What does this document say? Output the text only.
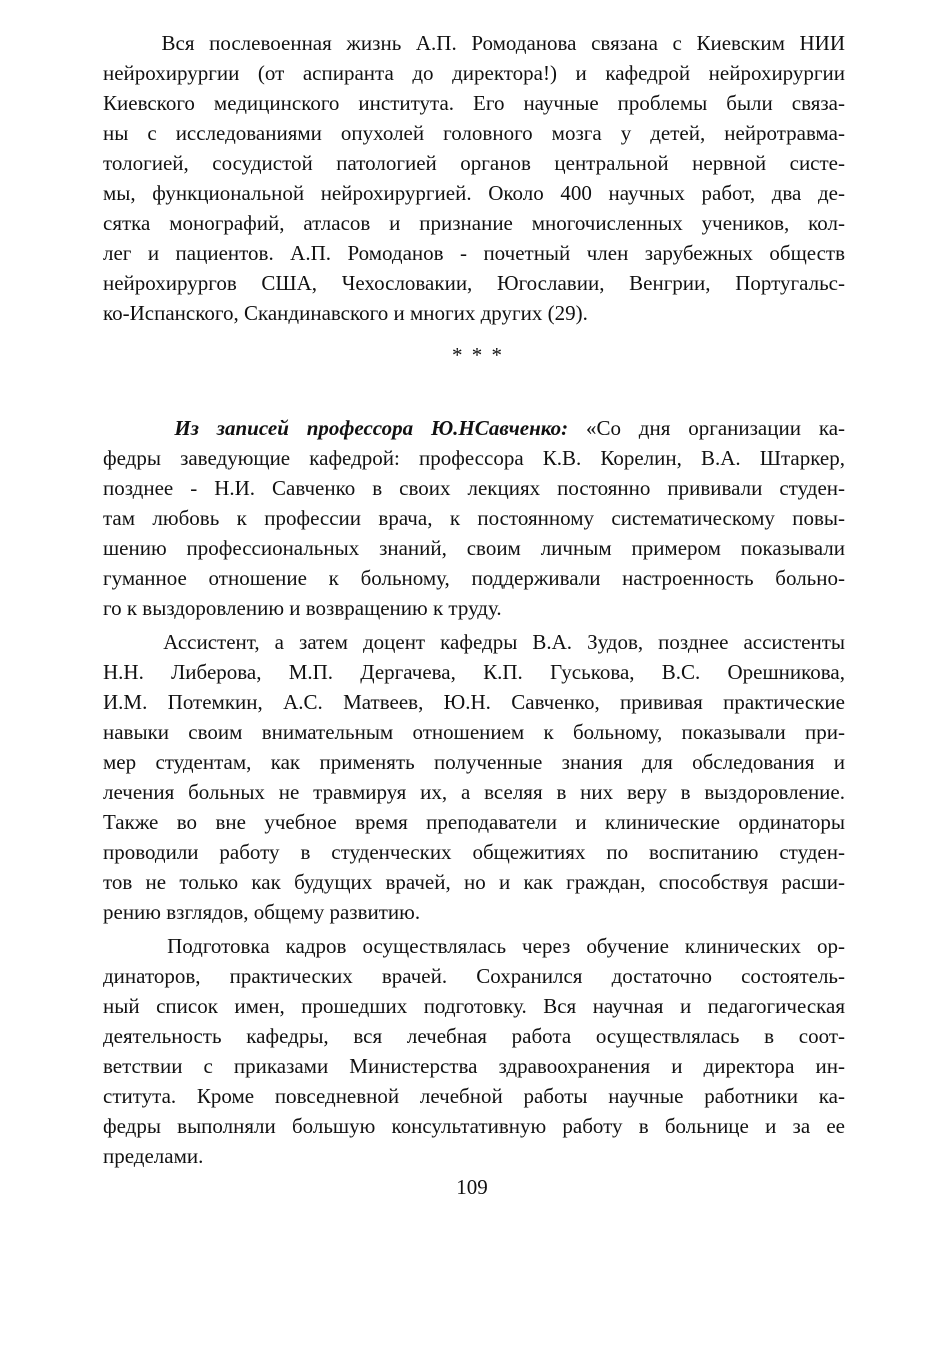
Вся послевоенная жизнь А.П. Ромоданова связана с Киевским НИИ
нейрохирургии (от аспиранта до директора!) и кафедрой нейрохирургии
Киевского медицинского института. Его научные проблемы были связа-
ны с исследованиями опухолей головного мозга у детей, нейротравма-
тологией, сосудистой патологией органов центральной нервной систе-
мы, функциональной нейрохирургией. Около 400 научных работ, два де-
сятка монографий, атласов и признание многочисленных учеников, кол-
лег и пациентов. А.П. Ромоданов - почетный член зарубежных обществ
нейрохирургов США, Чехословакии, Югославии, Венгрии, Португальс-
ко-Испанского, Скандинавского и многих других (29).
* * *
Из записей профессора Ю.НСавченко: «Со дня организации ка-
федры заведующие кафедрой: профессора К.В. Корелин, В.А. Штаркер,
позднее - Н.И. Савченко в своих лекциях постоянно прививали студен-
там любовь к профессии врача, к постоянному систематическому повы-
шению профессиональных знаний, своим личным примером показывали
гуманное отношение к больному, поддерживали настроенность больно-
го к выздоровлению и возвращению к труду.
Ассистент, а затем доцент кафедры В.А. Зудов, позднее ассистенты
Н.Н. Либерова, М.П. Дергачева, К.П. Гуськова, В.С. Орешникова,
И.М. Потемкин, А.С. Матвеев, Ю.Н. Савченко, прививая практические
навыки своим внимательным отношением к больному, показывали при-
мер студентам, как применять полученные знания для обследования и
лечения больных не травмируя их, а вселяя в них веру в выздоровление.
Также во вне учебное время преподаватели и клинические ординаторы
проводили работу в студенческих общежитиях по воспитанию студен-
тов не только как будущих врачей, но и как граждан, способствуя расши-
рению взглядов, общему развитию.
Подготовка кадров осуществлялась через обучение клинических ор-
динаторов, практических врачей. Сохранился достаточно состоятель-
ный список имен, прошедших подготовку. Вся научная и педагогическая
деятельность кафедры, вся лечебная работа осуществлялась в соот-
ветствии с приказами Министерства здравоохранения и директора ин-
ститута. Кроме повседневной лечебной работы научные работники ка-
федры выполняли большую консультативную работу в больнице и за ее
пределами.
109
